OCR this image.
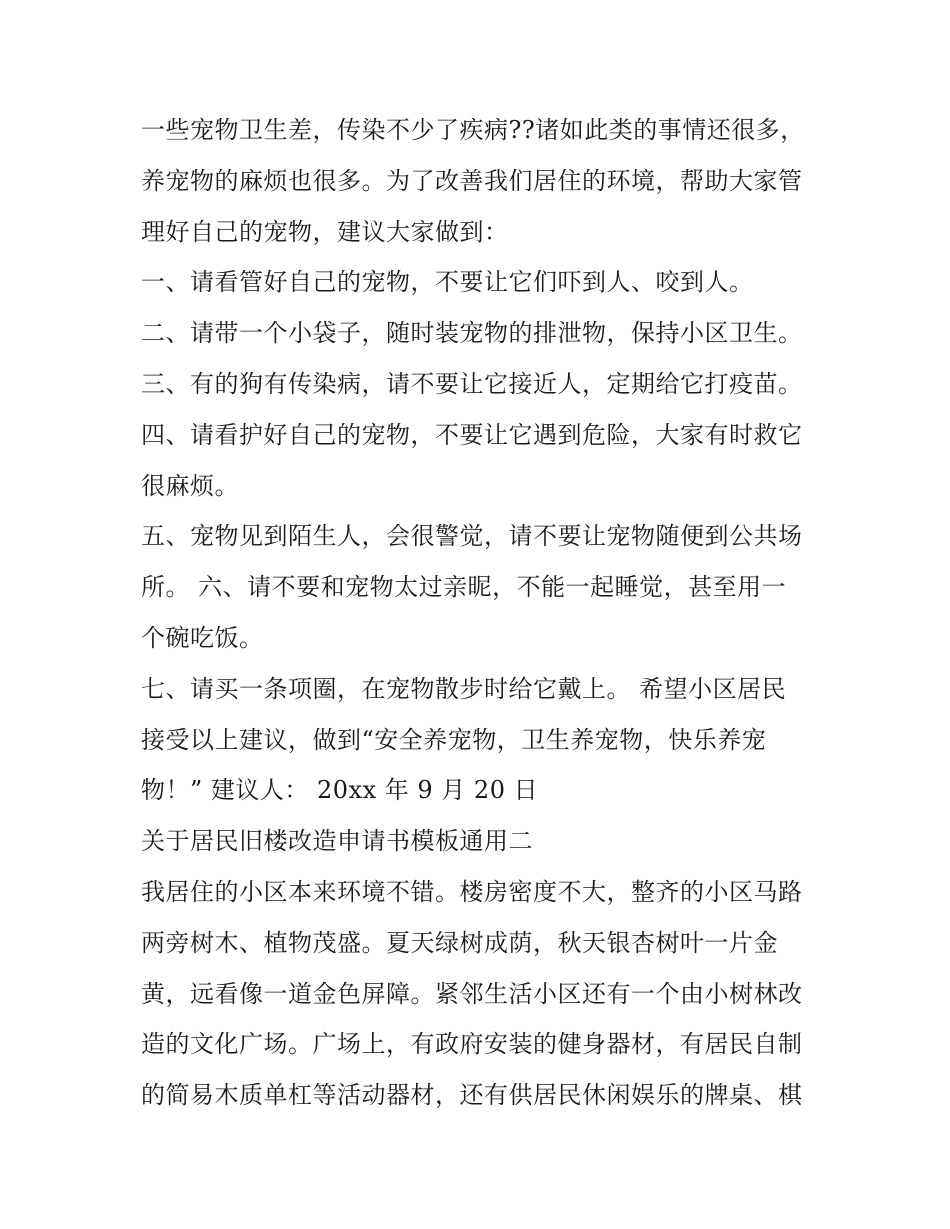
一些宠物卫生差，传染不少了疾病??诸如此类的事情还很多，
养宠物的麻烦也很多。为了改善我们居住的环境，帮助大家管
理好自己的宠物，建议大家做到：
一、请看管好自己的宠物，不要让它们吓到人、咬到人。
二、请带一个小袋子，随时装宠物的排泄物，保持小区卫生。
三、有的狗有传染病，请不要让它接近人，定期给它打疫苗。
四、请看护好自己的宠物，不要让它遇到危险，大家有时救它
很麻烦。
五、宠物见到陌生人，会很警觉，请不要让宠物随便到公共场
所。 六、请不要和宠物太过亲昵，不能一起睡觉，甚至用一
个碗吃饭。
七、请买一条项圈，在宠物散步时给它戴上。 希望小区居民
接受以上建议，做到“安全养宠物，卫生养宠物，快乐养宠
物！” 建议人： 20xx 年 9 月 20 日
关于居民旧楼改造申请书模板通用二
我居住的小区本来环境不错。楼房密度不大，整齐的小区马路
两旁树木、植物茂盛。夏天绿树成荫，秋天银杏树叶一片金
黄，远看像一道金色屏障。紧邻生活小区还有一个由小树林改
造的文化广场。广场上，有政府安装的健身器材，有居民自制
的简易木质单杠等活动器材，还有供居民休闲娱乐的牌桌、棋
